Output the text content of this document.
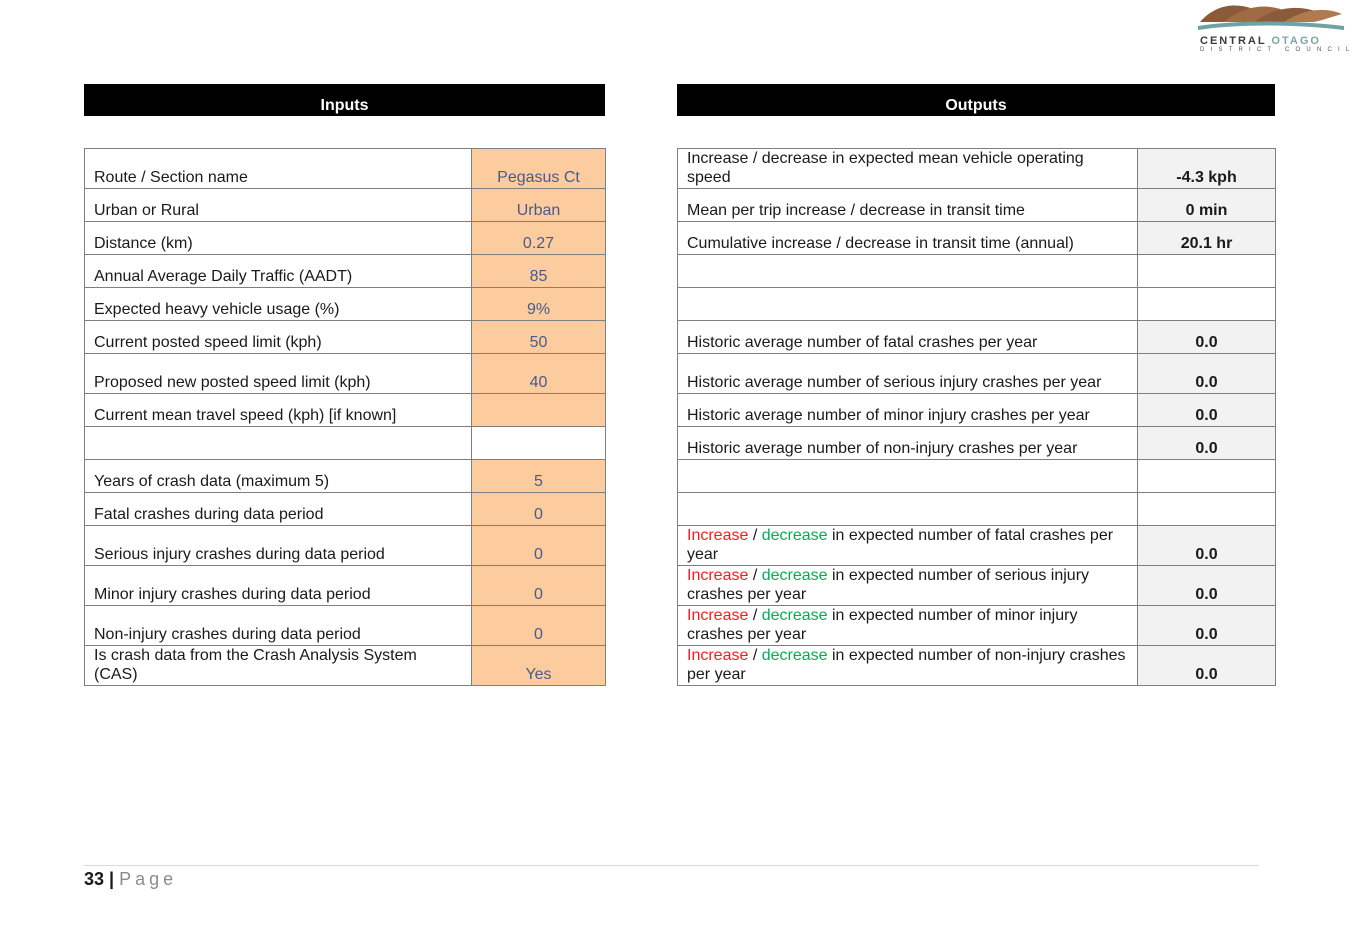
CENTRAL OTAGO
DISTRICT COUNCIL
Inputs	Outputs
Route / Section name	Pegasus Ct
Urban or Rural	Urban
Distance (km)	0.27
Annual Average Daily Traffic (AADT)	85
Expected heavy vehicle usage (%)	9%
Current posted speed limit (kph)	50
Proposed new posted speed limit (kph)	40
Current mean travel speed (kph) [if known]	

Years of crash data (maximum 5)	5
Fatal crashes during data period	0
Serious injury crashes during data period	0
Minor injury crashes during data period	0
Non-injury crashes during data period	0
Is crash data from the Crash Analysis System (CAS)	Yes
Increase / decrease in expected mean vehicle operating speed	-4.3 kph
Mean per trip increase / decrease in transit time	0 min
Cumulative increase / decrease in transit time (annual)	20.1 hr

Historic average number of fatal crashes per year	0.0
Historic average number of serious injury crashes per year	0.0
Historic average number of minor injury crashes per year	0.0
Historic average number of non-injury crashes per year	0.0

Increase / decrease in expected number of fatal crashes per year	0.0
Increase / decrease in expected number of serious injury crashes per year	0.0
Increase / decrease in expected number of minor injury crashes per year	0.0
Increase / decrease in expected number of non-injury crashes per year	0.0
33 | Page
